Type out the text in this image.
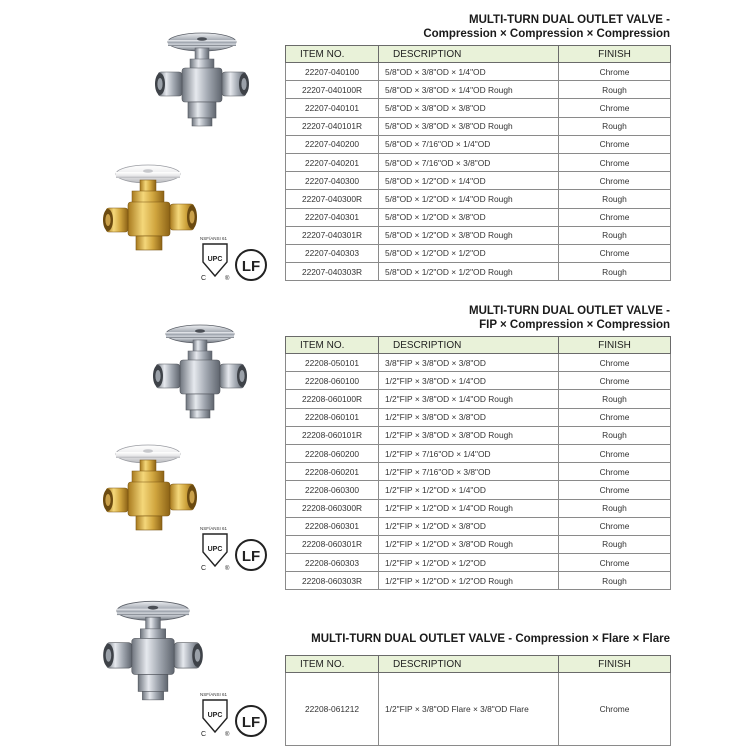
MULTI-TURN DUAL OUTLET VALVE -
Compression × Compression × Compression
NSF/ANSI 61
UPC
C	®
LF
ITEM NO.	DESCRIPTION	FINISH
22207-040100	5/8"OD × 3/8"OD × 1/4"OD	Chrome
22207-040100R	5/8"OD × 3/8"OD × 1/4"OD Rough	Rough
22207-040101	5/8"OD × 3/8"OD × 3/8"OD	Chrome
22207-040101R	5/8"OD × 3/8"OD × 3/8"OD Rough	Rough
22207-040200	5/8"OD × 7/16"OD × 1/4"OD	Chrome
22207-040201	5/8"OD × 7/16"OD × 3/8"OD	Chrome
22207-040300	5/8"OD × 1/2"OD × 1/4"OD	Chrome
22207-040300R	5/8"OD × 1/2"OD × 1/4"OD Rough	Rough
22207-040301	5/8"OD × 1/2"OD × 3/8"OD	Chrome
22207-040301R	5/8"OD × 1/2"OD × 3/8"OD Rough	Rough
22207-040303	5/8"OD × 1/2"OD × 1/2"OD	Chrome
22207-040303R	5/8"OD × 1/2"OD × 1/2"OD Rough	Rough
MULTI-TURN DUAL OUTLET VALVE -
FIP × Compression × Compression
NSF/ANSI 61
UPC
C	®
LF
ITEM NO.	DESCRIPTION	FINISH
22208-050101	3/8"FIP × 3/8"OD × 3/8"OD	Chrome
22208-060100	1/2"FIP × 3/8"OD × 1/4"OD	Chrome
22208-060100R	1/2"FIP × 3/8"OD × 1/4"OD Rough	Rough
22208-060101	1/2"FIP × 3/8"OD × 3/8"OD	Chrome
22208-060101R	1/2"FIP × 3/8"OD × 3/8"OD Rough	Rough
22208-060200	1/2"FIP × 7/16"OD × 1/4"OD	Chrome
22208-060201	1/2"FIP × 7/16"OD × 3/8"OD	Chrome
22208-060300	1/2"FIP × 1/2"OD × 1/4"OD	Chrome
22208-060300R	1/2"FIP × 1/2"OD × 1/4"OD Rough	Rough
22208-060301	1/2"FIP × 1/2"OD × 3/8"OD	Chrome
22208-060301R	1/2"FIP × 1/2"OD × 3/8"OD Rough	Rough
22208-060303	1/2"FIP × 1/2"OD × 1/2"OD	Chrome
22208-060303R	1/2"FIP × 1/2"OD × 1/2"OD Rough	Rough
MULTI-TURN DUAL OUTLET VALVE - Compression × Flare × Flare
NSF/ANSI 61
UPC
C	®
LF
ITEM NO.	DESCRIPTION	FINISH
22208-061212	1/2"FIP × 3/8"OD Flare × 3/8"OD Flare	Chrome
